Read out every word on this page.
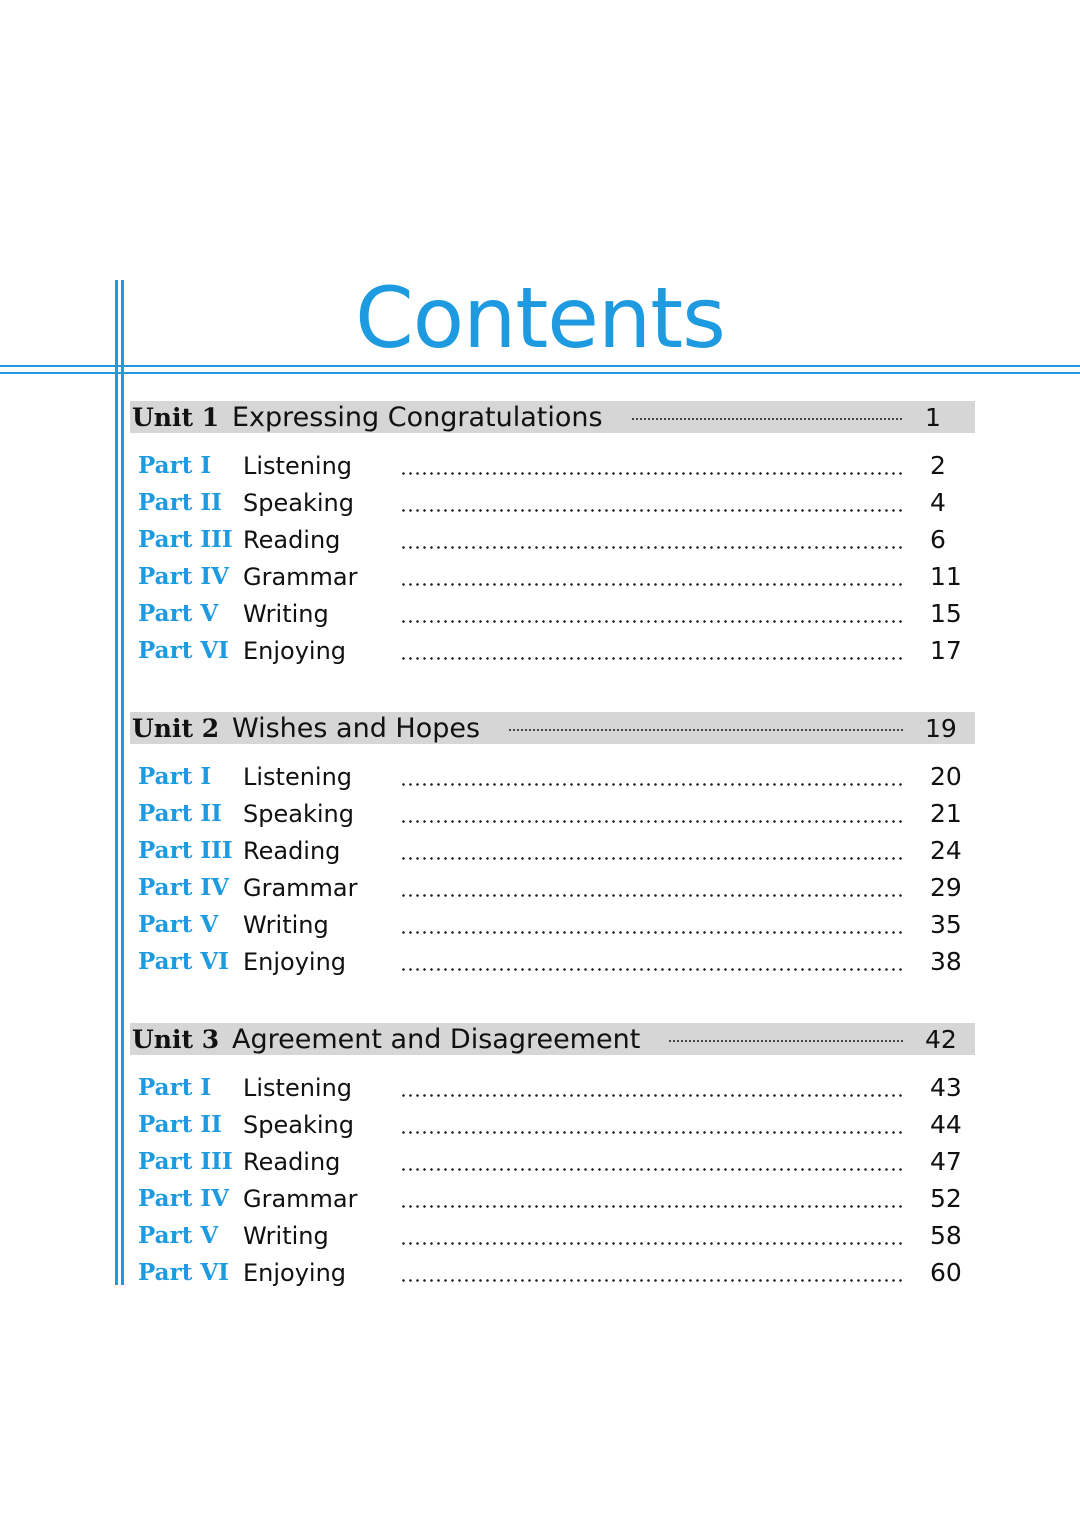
Contents
Unit 1 Expressing Congratulations	1
Part I	Listening	2
Part II Speaking	4
Part III Reading	6
Part IV Grammar	11
Part V	Writing	15
Part VI Enjoying	17
Unit 2 Wishes and Hopes	19
Part I	Listening	20
Part II Speaking	21
Part III Reading	24
Part IV Grammar	29
Part V	Writing	35
Part VI Enjoying	38
Unit 3 Agreement and Disagreement	42
Part I	Listening	43
Part II Speaking	44
Part III Reading	47
Part IV Grammar	52
Part V	Writing	58
Part VI Enjoying	60
